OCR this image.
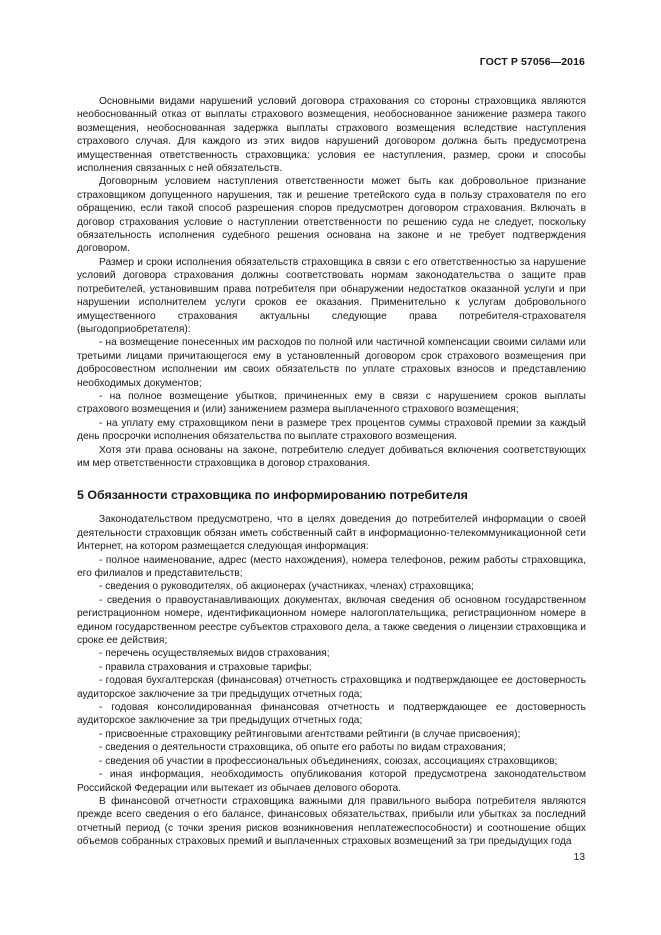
ГОСТ Р 57056—2016

Основными видами нарушений условий договора страхования со стороны страховщика являются необоснованный отказ от выплаты страхового возмещения, необоснованное занижение размера такого возмещения, необоснованная задержка выплаты страхового возмещения вследствие наступления страхового случая. Для каждого из этих видов нарушений договором должна быть предусмотрена имущественная ответственность страховщика: условия ее наступления, размер, сроки и способы исполнения связанных с ней обязательств.

Договорным условием наступления ответственности может быть как добровольное признание страховщиком допущенного нарушения, так и решение третейского суда в пользу страхователя по его обращению, если такой способ разрешения споров предусмотрен договором страхования. Включать в договор страхования условие о наступлении ответственности по решению суда не следует, поскольку обязательность исполнения судебного решения основана на законе и не требует подтверждения договором.

Размер и сроки исполнения обязательств страховщика в связи с его ответственностью за нарушение условий договора страхования должны соответствовать нормам законодательства о защите прав потребителей, установившим права потребителя при обнаружении недостатков оказанной услуги и при нарушении исполнителем услуги сроков ее оказания. Применительно к услугам добровольного имущественного страхования актуальны следующие права потребителя-страхователя (выгодоприобретателя):

- на возмещение понесенных им расходов по полной или частичной компенсации своими силами или третьими лицами причитающегося ему в установленный договором срок страхового возмещения при добросовестном исполнении им своих обязательств по уплате страховых взносов и представлению необходимых документов;

- на полное возмещение убытков, причиненных ему в связи с нарушением сроков выплаты страхового возмещения и (или) занижением размера выплаченного страхового возмещения;

- на уплату ему страховщиком пени в размере трех процентов суммы страховой премии за каждый день просрочки исполнения обязательства по выплате страхового возмещения.

Хотя эти права основаны на законе, потребителю следует добиваться включения соответствующих им мер ответственности страховщика в договор страхования.

5 Обязанности страховщика по информированию потребителя

Законодательством предусмотрено, что в целях доведения до потребителей информации о своей деятельности страховщик обязан иметь собственный сайт в информационно-телекоммуникационной сети Интернет, на котором размещается следующая информация:

- полное наименование, адрес (место нахождения), номера телефонов, режим работы страховщика, его филиалов и представительств;

- сведения о руководителях, об акционерах (участниках, членах) страховщика;

- сведения о правоустанавливающих документах, включая сведения об основном государственном регистрационном номере, идентификационном номере налогоплательщика, регистрационном номере в едином государственном реестре субъектов страхового дела, а также сведения о лицензии страховщика и сроке ее действия;

- перечень осуществляемых видов страхования;

- правила страхования и страховые тарифы;

- годовая бухгалтерская (финансовая) отчетность страховщика и подтверждающее ее достоверность аудиторское заключение за три предыдущих отчетных года;

- годовая консолидированная финансовая отчетность и подтверждающее ее достоверность аудиторское заключение за три предыдущих отчетных года;

- присвоенные страховщику рейтинговыми агентствами рейтинги (в случае присвоения);

- сведения о деятельности страховщика, об опыте его работы по видам страхования;

- сведения об участии в профессиональных объединениях, союзах, ассоциациях страховщиков;

- иная информация, необходимость опубликования которой предусмотрена законодательством Российской Федерации или вытекает из обычаев делового оборота.

В финансовой отчетности страховщика важными для правильного выбора потребителя являются прежде всего сведения о его балансе, финансовых обязательствах, прибыли или убытках за последний отчетный период (с точки зрения рисков возникновения неплатежеспособности) и соотношение общих объемов собранных страховых премий и выплаченных страховых возмещений за три предыдущих года

13
